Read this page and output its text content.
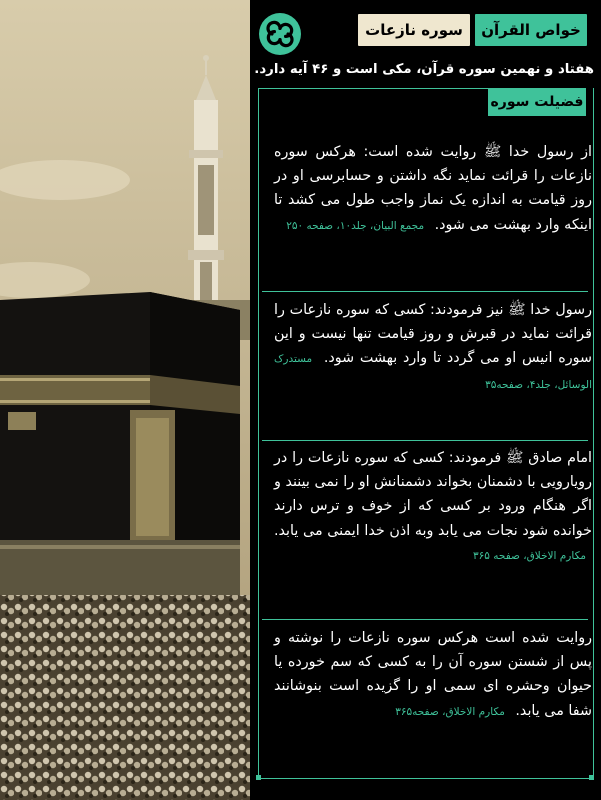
خواص القرآن
سوره نازعات
هفتاد و نهمین سوره قرآن، مکی است و ۴۶ آیه دارد.
فضیلت سوره
از رسول خدا ﷺ روایت شده است: هرکس سوره نازعات را قرائت نماید نگه داشتن و حسابرسی او در روز قیامت به اندازه یک نماز واجب طول می کشد تا اینکه وارد بهشت می شود. مجمع البیان، جلد۱۰، صفحه ۲۵۰
رسول خدا ﷺ نیز فرمودند: کسی که سوره نازعات را قرائت نماید در قبرش و روز قیامت تنها نیست و این سوره انیس او می گردد تا وارد بهشت شود. مستدرک الوسائل، جلد۴، صفحه۳۵
امام صادق ﷺ فرمودند: کسی که سوره نازعات را در رویارویی با دشمنان بخواند دشمنانش او را نمی بینند و اگر هنگام ورود بر کسی که از خوف و ترس دارند خوانده شود نجات می یابد وبه اذن خدا ایمنی می یابد. مکارم الاخلاق، صفحه ۳۶۵
روایت شده است هرکس سوره نازعات را نوشته و پس از شستن سوره آن را به کسی که سم خورده یا حیوان وحشره ای سمی او را گزیده است بنوشانند شفا می یابد. مکارم الاخلاق، صفحه۳۶۵
